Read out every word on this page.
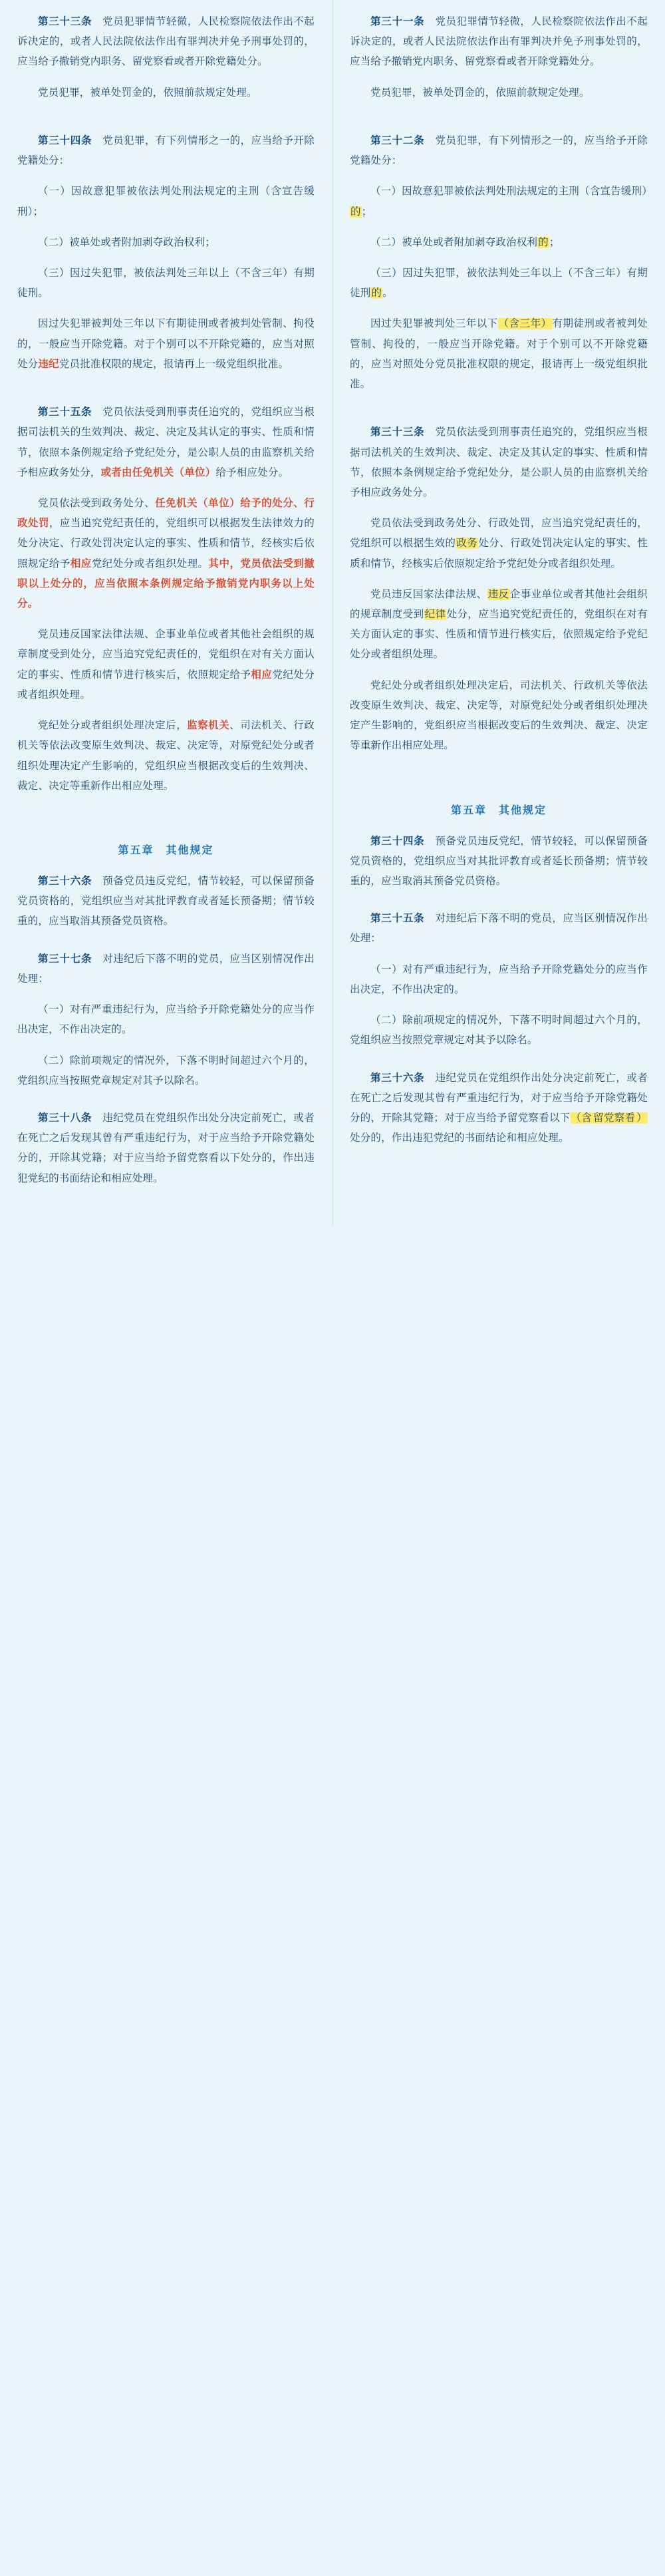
第三十三条　党员犯罪情节轻微，人民检察院依法作出不起诉决定的，或者人民法院依法作出有罪判决并免予刑事处罚的，应当给予撤销党内职务、留党察看或者开除党籍处分。

党员犯罪，被单处罚金的，依照前款规定处理。

第三十四条　党员犯罪，有下列情形之一的，应当给予开除党籍处分：

（一）因故意犯罪被依法判处刑法规定的主刑（含宣告缓刑）；

（二）被单处或者附加剥夺政治权利；

（三）因过失犯罪，被依法判处三年以上（不含三年）有期徒刑。

因过失犯罪被判处三年以下有期徒刑或者被判处管制、拘役的，一般应当开除党籍。对于个别可以不开除党籍的，应当对照处分违纪党员批准权限的规定，报请再上一级党组织批准。

第三十五条　党员依法受到刑事责任追究的，党组织应当根据司法机关的生效判决、裁定、决定及其认定的事实、性质和情节，依照本条例规定给予党纪处分，是公职人员的由监察机关给予相应政务处分，或者由任免机关（单位）给予相应处分。

党员依法受到政务处分、任免机关（单位）给予的处分、行政处罚，应当追究党纪责任的，党组织可以根据发生法律效力的处分决定、行政处罚决定认定的事实、性质和情节，经核实后依照规定给予相应党纪处分或者组织处理。其中，党员依法受到撤职以上处分的，应当依照本条例规定给予撤销党内职务以上处分。

党员违反国家法律法规、企事业单位或者其他社会组织的规章制度受到处分，应当追究党纪责任的，党组织在对有关方面认定的事实、性质和情节进行核实后，依照规定给予相应党纪处分或者组织处理。

党纪处分或者组织处理决定后，监察机关、司法机关、行政机关等依法改变原生效判决、裁定、决定等，对原党纪处分或者组织处理决定产生影响的，党组织应当根据改变后的生效判决、裁定、决定等重新作出相应处理。

第五章　其他规定

第三十六条　预备党员违反党纪，情节较轻，可以保留预备党员资格的，党组织应当对其批评教育或者延长预备期；情节较重的，应当取消其预备党员资格。

第三十七条　对违纪后下落不明的党员，应当区别情况作出处理：

（一）对有严重违纪行为，应当给予开除党籍处分的应当作出决定，不作出决定的。

（二）除前项规定的情况外，下落不明时间超过六个月的，党组织应当按照党章规定对其予以除名。

第三十八条　违纪党员在党组织作出处分决定前死亡，或者在死亡之后发现其曾有严重违纪行为，对于应当给予开除党籍处分的，开除其党籍；对于应当给予留党察看以下处分的，作出违犯党纪的书面结论和相应处理。

第三十一条　党员犯罪情节轻微，人民检察院依法作出不起诉决定的，或者人民法院依法作出有罪判决并免予刑事处罚的，应当给予撤销党内职务、留党察看或者开除党籍处分。

党员犯罪，被单处罚金的，依照前款规定处理。

第三十二条　党员犯罪，有下列情形之一的，应当给予开除党籍处分：

（一）因故意犯罪被依法判处刑法规定的主刑（含宣告缓刑）的；

（二）被单处或者附加剥夺政治权利的；

（三）因过失犯罪，被依法判处三年以上（不含三年）有期徒刑的。

因过失犯罪被判处三年以下（含三年）有期徒刑或者被判处管制、拘役的，一般应当开除党籍。对于个别可以不开除党籍的，应当对照处分党员批准权限的规定，报请再上一级党组织批准。

第三十三条　党员依法受到刑事责任追究的，党组织应当根据司法机关的生效判决、裁定、决定及其认定的事实、性质和情节，依照本条例规定给予党纪处分，是公职人员的由监察机关给予相应政务处分。

党员依法受到政务处分、行政处罚，应当追究党纪责任的，党组织可以根据生效的政务处分、行政处罚决定认定的事实、性质和情节，经核实后依照规定给予党纪处分或者组织处理。

党员违反国家法律法规、违反企事业单位或者其他社会组织的规章制度受到纪律处分，应当追究党纪责任的，党组织在对有关方面认定的事实、性质和情节进行核实后，依照规定给予党纪处分或者组织处理。

党纪处分或者组织处理决定后，司法机关、行政机关等依法改变原生效判决、裁定、决定等，对原党纪处分或者组织处理决定产生影响的，党组织应当根据改变后的生效判决、裁定、决定等重新作出相应处理。

第五章　其他规定

第三十四条　预备党员违反党纪，情节较轻，可以保留预备党员资格的，党组织应当对其批评教育或者延长预备期；情节较重的，应当取消其预备党员资格。

第三十五条　对违纪后下落不明的党员，应当区别情况作出处理：

（一）对有严重违纪行为，应当给予开除党籍处分的应当作出决定，不作出决定的。

（二）除前项规定的情况外，下落不明时间超过六个月的，党组织应当按照党章规定对其予以除名。

第三十六条　违纪党员在党组织作出处分决定前死亡，或者在死亡之后发现其曾有严重违纪行为，对于应当给予开除党籍处分的，开除其党籍；对于应当给予留党察看以下（含 留党察看 ）处分的，作出违犯党纪的书面结论和相应处理。
